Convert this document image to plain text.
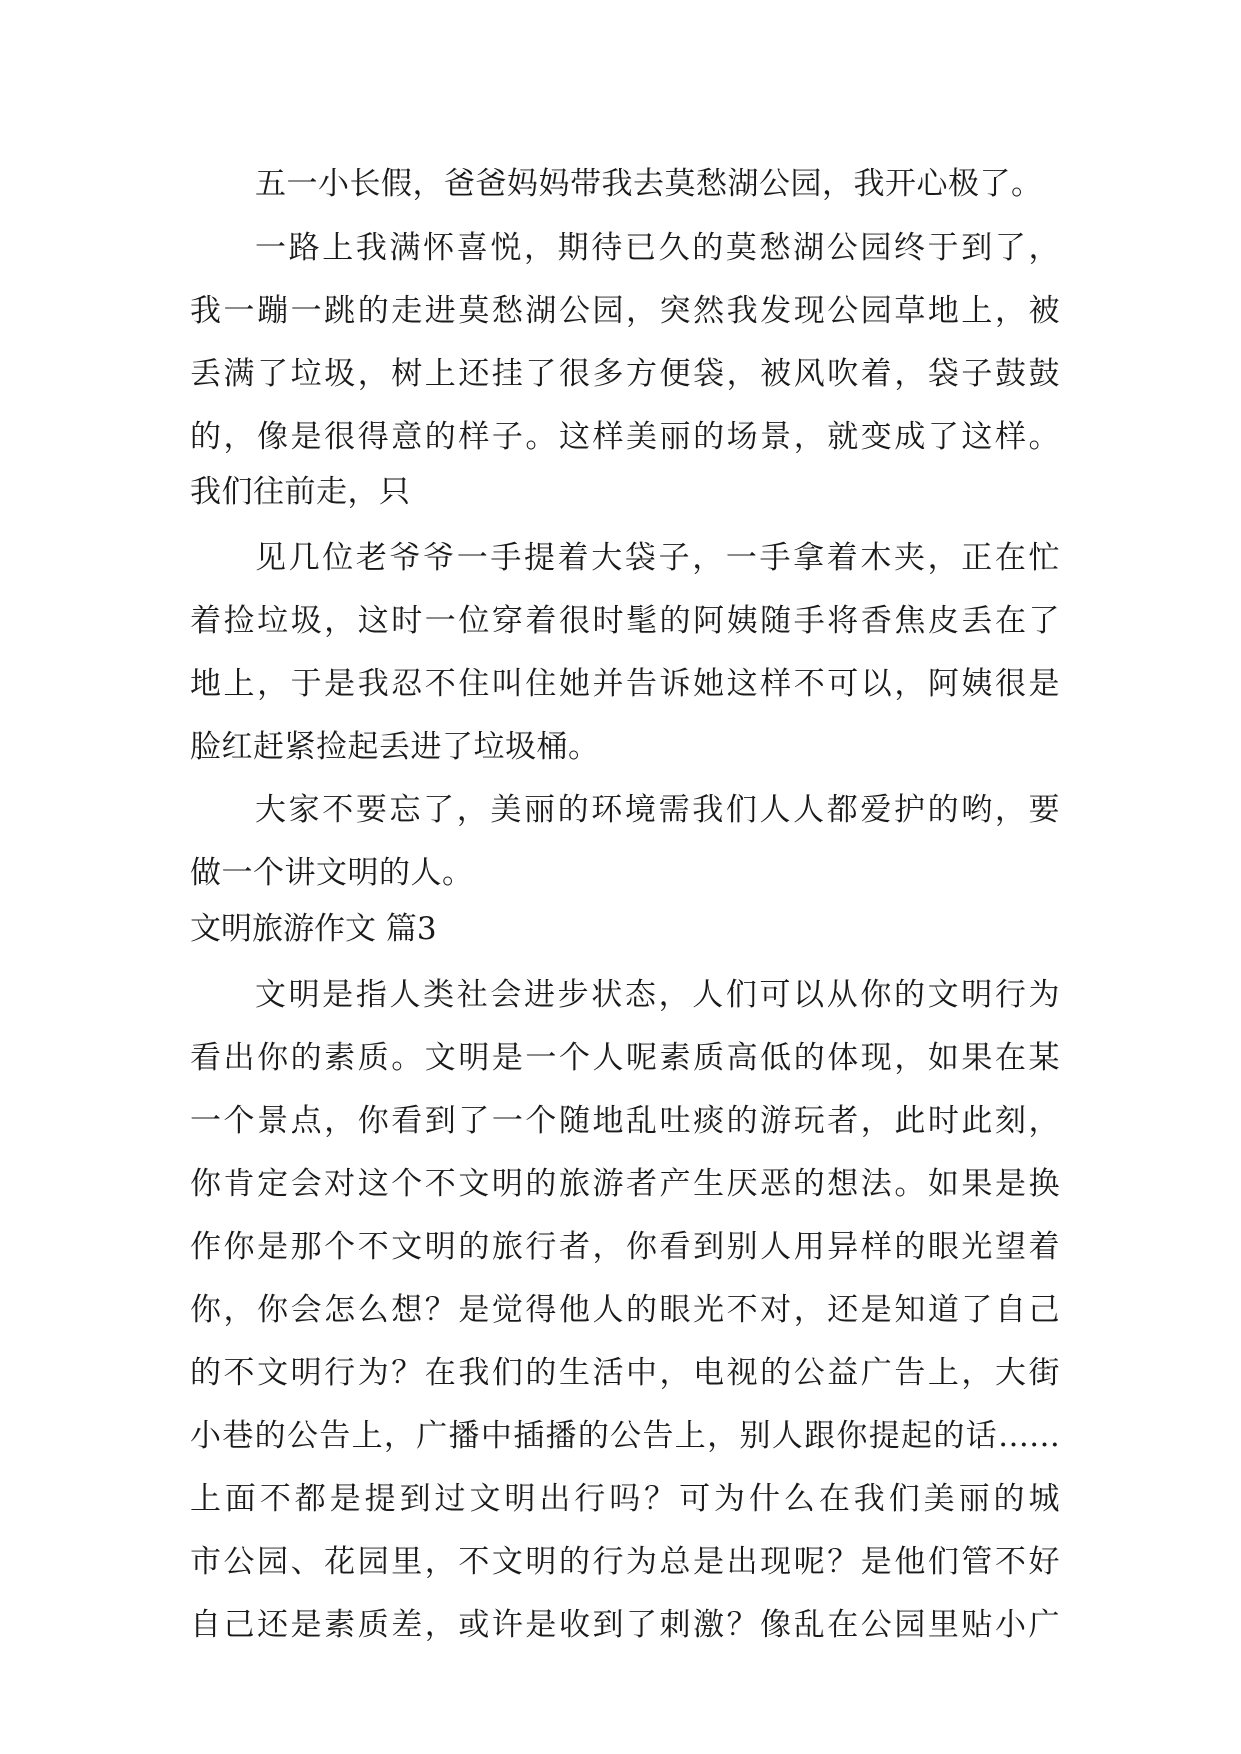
五一小长假，爸爸妈妈带我去莫愁湖公园，我开心极了。
一路上我满怀喜悦，期待已久的莫愁湖公园终于到了，
我一蹦一跳的走进莫愁湖公园，突然我发现公园草地上，被
丢满了垃圾，树上还挂了很多方便袋，被风吹着，袋子鼓鼓
的，像是很得意的样子。这样美丽的场景，就变成了这样。
我们往前走，只
见几位老爷爷一手提着大袋子，一手拿着木夹，正在忙
着捡垃圾，这时一位穿着很时髦的阿姨随手将香焦皮丢在了
地上，于是我忍不住叫住她并告诉她这样不可以，阿姨很是
脸红赶紧捡起丢进了垃圾桶。
大家不要忘了，美丽的环境需我们人人都爱护的哟，要
做一个讲文明的人。
文明旅游作文 篇3
文明是指人类社会进步状态，人们可以从你的文明行为
看出你的素质。文明是一个人呢素质高低的体现，如果在某
一个景点，你看到了一个随地乱吐痰的游玩者，此时此刻，
你肯定会对这个不文明的旅游者产生厌恶的想法。如果是换
作你是那个不文明的旅行者，你看到别人用异样的眼光望着
你，你会怎么想？是觉得他人的眼光不对，还是知道了自己
的不文明行为？在我们的生活中，电视的公益广告上，大街
小巷的公告上，广播中插播的公告上，别人跟你提起的话……
上面不都是提到过文明出行吗？可为什么在我们美丽的城
市公园、花园里，不文明的行为总是出现呢？是他们管不好
自己还是素质差，或许是收到了刺激？像乱在公园里贴小广
